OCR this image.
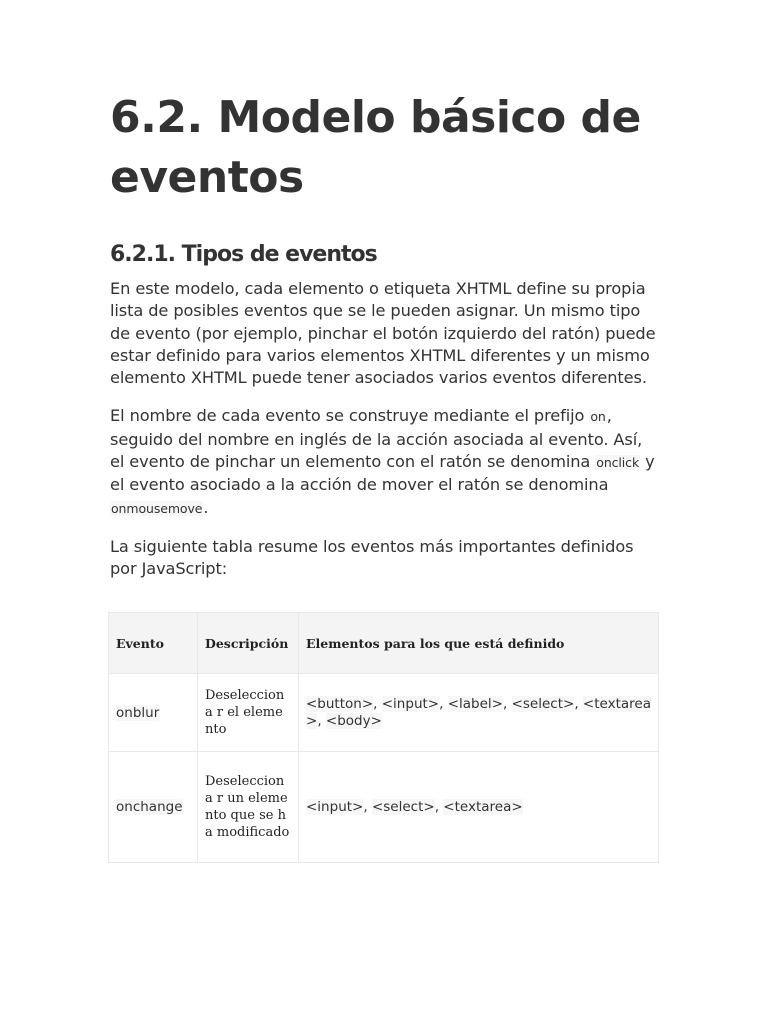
6.2. Modelo básico de eventos
6.2.1. Tipos de eventos

En este modelo, cada elemento o etiqueta XHTML define su propia lista de posibles eventos que se le pueden asignar. Un mismo tipo de evento (por ejemplo, pinchar el botón izquierdo del ratón) puede estar definido para varios elementos XHTML diferentes y un mismo elemento XHTML puede tener asociados varios eventos diferentes.

El nombre de cada evento se construye mediante el prefijo on, seguido del nombre en inglés de la acción asociada al evento. Así, el evento de pinchar un elemento con el ratón se denomina onclick y el evento asociado a la acción de mover el ratón se denomina onmousemove.

La siguiente tabla resume los eventos más importantes definidos por JavaScript:

Evento	Descripción	Elementos para los que está definido
onblur	Deselecciona r el elemento	<button>, <input>, <label>, <select>, <textarea>, <body>
onchange	Deselecciona r un elemento que se ha modificado	<input>, <select>, <textarea>
